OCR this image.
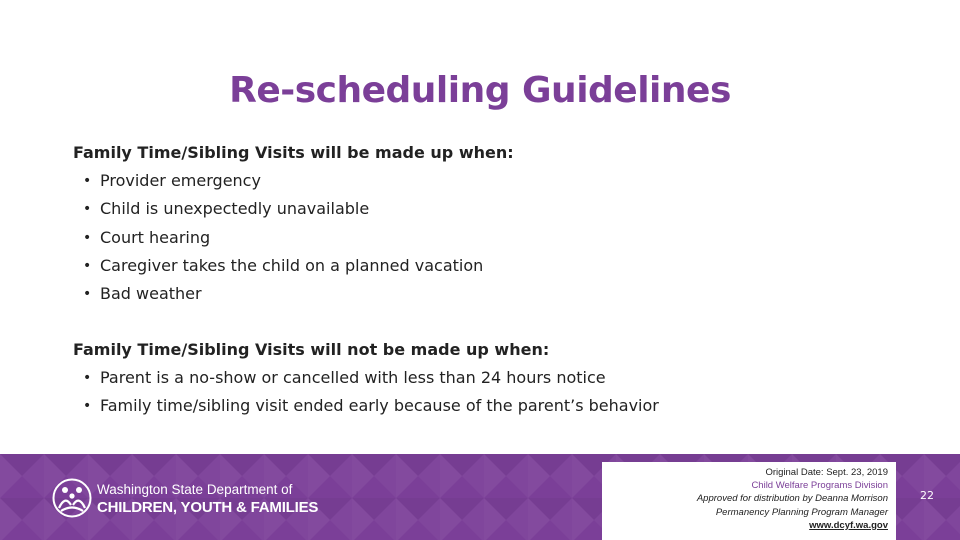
Re-scheduling Guidelines
Family Time/Sibling Visits will be made up when:
• Provider emergency
• Child is unexpectedly unavailable
• Court hearing
• Caregiver takes the child on a planned vacation
• Bad weather
Family Time/Sibling Visits will not be made up when:
• Parent is a no-show or cancelled with less than 24 hours notice
• Family time/sibling visit ended early because of the parent’s behavior
Washington State Department of
CHILDREN, YOUTH & FAMILIES
Original Date: Sept. 23, 2019
Child Welfare Programs Division
Approved for distribution by Deanna Morrison
Permanency Planning Program Manager
www.dcyf.wa.gov
22
